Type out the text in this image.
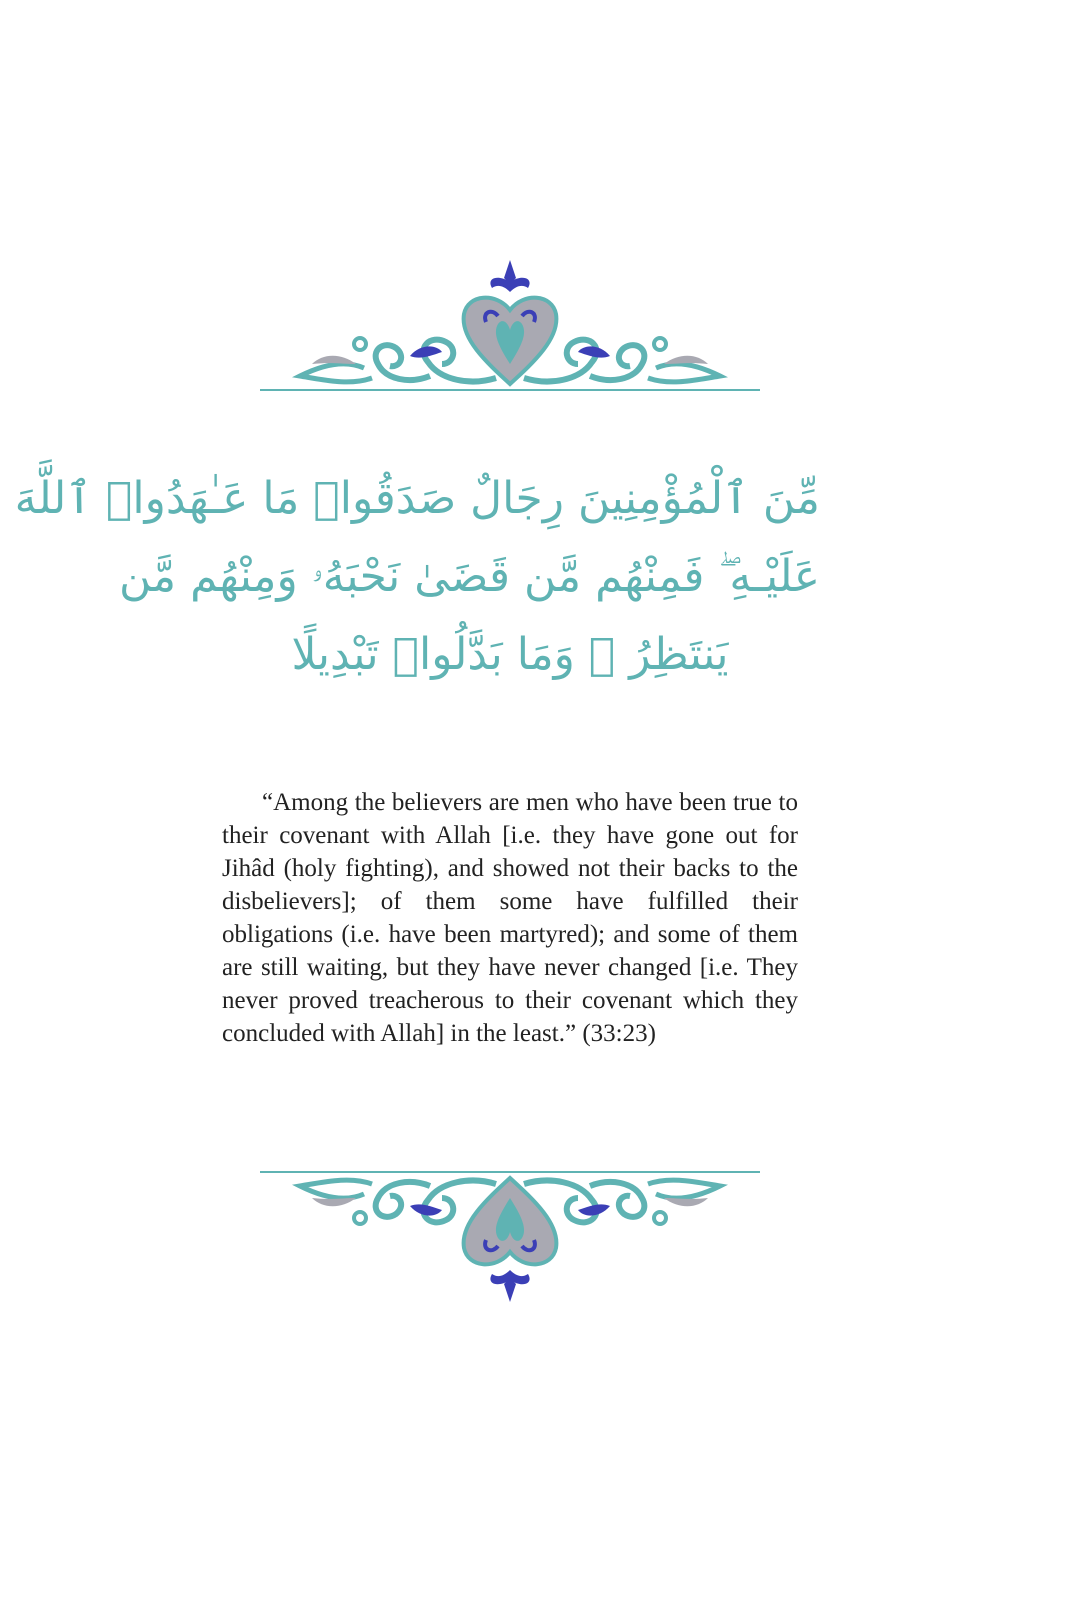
مِّنَ ٱلْمُؤْمِنِينَ رِجَالٌ صَدَقُوا۟ مَا عَـٰهَدُوا۟ ٱللَّهَ
عَلَيْـهِ ۖ فَمِنْهُم مَّن قَضَىٰ نَحْبَهُۥ وَمِنْهُم مَّن
يَنتَظِرُ ۖ وَمَا بَدَّلُوا۟ تَبْدِيلًا

“Among the believers are men who have been true to their covenant with Allah [i.e. they have gone out for Jihâd (holy fighting), and showed not their backs to the disbelievers]; of them some have fulfilled their obligations (i.e. have been martyred); and some of them are still waiting, but they have never changed [i.e. They never proved treacherous to their covenant which they concluded with Allah] in the least.” (33:23)
